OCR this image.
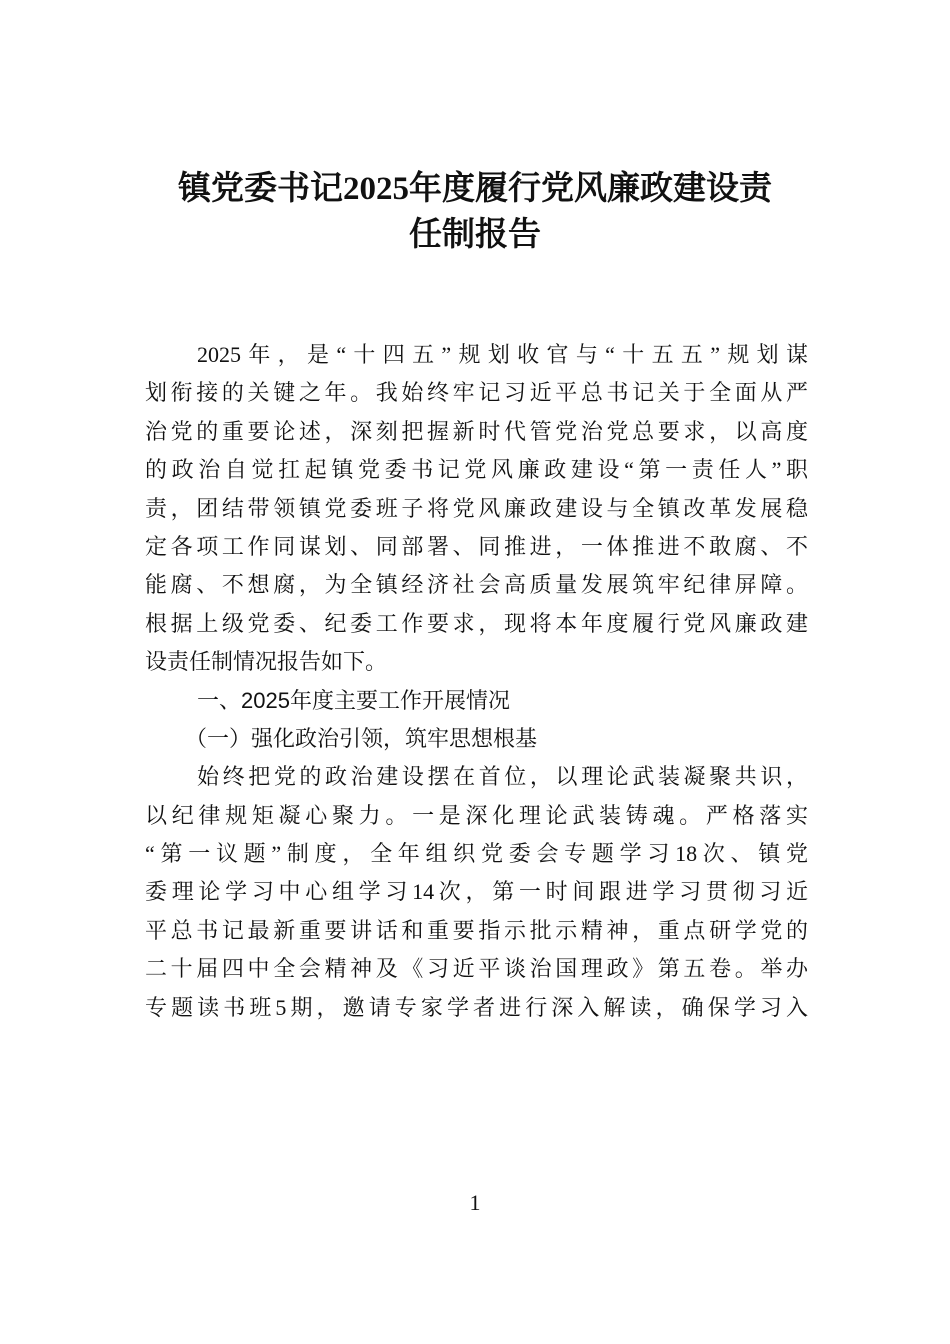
镇党委书记2025年度履行党风廉政建设责
任制报告
2025年，是“十四五”规划收官与“十五五”规划谋
划衔接的关键之年。我始终牢记习近平总书记关于全面从严
治党的重要论述，深刻把握新时代管党治党总要求，以高度
的政治自觉扛起镇党委书记党风廉政建设“第一责任人”职
责，团结带领镇党委班子将党风廉政建设与全镇改革发展稳
定各项工作同谋划、同部署、同推进，一体推进不敢腐、不
能腐、不想腐，为全镇经济社会高质量发展筑牢纪律屏障。
根据上级党委、纪委工作要求，现将本年度履行党风廉政建
设责任制情况报告如下。
一、2025年度主要工作开展情况
（一）强化政治引领，筑牢思想根基
始终把党的政治建设摆在首位，以理论武装凝聚共识，
以纪律规矩凝心聚力。一是深化理论武装铸魂。严格落实
“第一议题”制度，全年组织党委会专题学习18次、镇党
委理论学习中心组学习14次，第一时间跟进学习贯彻习近
平总书记最新重要讲话和重要指示批示精神，重点研学党的
二十届四中全会精神及《习近平谈治国理政》第五卷。举办
专题读书班5期，邀请专家学者进行深入解读，确保学习入
1
